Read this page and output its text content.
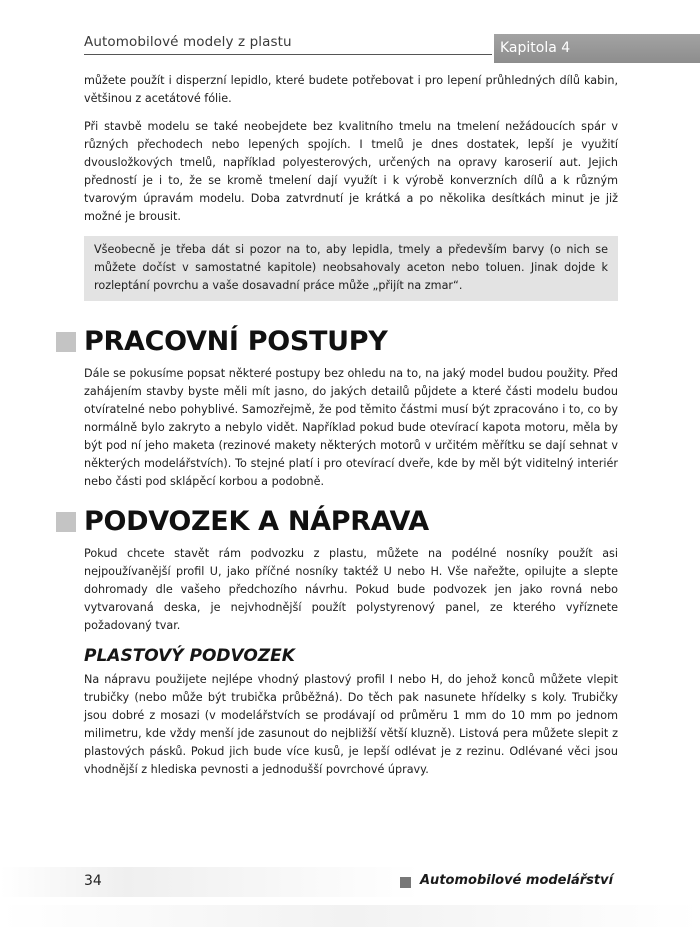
Automobilové modely z plastu	Kapitola 4

můžete použít i disperzní lepidlo, které budete potřebovat i pro lepení průhledných dílů kabin, většinou z acetátové fólie.

Při stavbě modelu se také neobejdete bez kvalitního tmelu na tmelení nežádoucích spár v různých přechodech nebo lepených spojích. I tmelů je dnes dostatek, lepší je využití dvousložkových tmelů, například polyesterových, určených na opravy karoserií aut. Jejich předností je i to, že se kromě tmelení dají využít i k výrobě konverzních dílů a k různým tvarovým úpravám modelu. Doba zatvrdnutí je krátká a po několika desítkách minut je již možné je brousit.

Všeobecně je třeba dát si pozor na to, aby lepidla, tmely a především barvy (o nich se můžete dočíst v samostatné kapitole) neobsahovaly aceton nebo toluen. Jinak dojde k rozleptání povrchu a vaše dosavadní práce může „přijít na zmar“.

PRACOVNÍ POSTUPY

Dále se pokusíme popsat některé postupy bez ohledu na to, na jaký model budou použity. Před zahájením stavby byste měli mít jasno, do jakých detailů půjdete a které části modelu budou otvíratelné nebo pohyblivé. Samozřejmě, že pod těmito částmi musí být zpracováno i to, co by normálně bylo zakryto a nebylo vidět. Například pokud bude otevírací kapota motoru, měla by být pod ní jeho maketa (rezinové makety některých motorů v určitém měřítku se dají sehnat v některých modelářstvích). To stejné platí i pro otevírací dveře, kde by měl být viditelný interiér nebo části pod sklápěcí korbou a podobně.

PODVOZEK A NÁPRAVA

Pokud chcete stavět rám podvozku z plastu, můžete na podélné nosníky použít asi nejpoužívanější profil U, jako příčné nosníky taktéž U nebo H. Vše nařežte, opilujte a slepte dohromady dle vašeho předchozího návrhu. Pokud bude podvozek jen jako rovná nebo vytvarovaná deska, je nejvhodnější použít polystyrenový panel, ze kterého vyříznete požadovaný tvar.

PLASTOVÝ PODVOZEK

Na nápravu použijete nejlépe vhodný plastový profil I nebo H, do jehož konců můžete vlepit trubičky (nebo může být trubička průběžná). Do těch pak nasunete hřídelky s koly. Trubičky jsou dobré z mosazi (v modelářstvích se prodávají od průměru 1 mm do 10 mm po jednom milimetru, kde vždy menší jde zasunout do nejbližší větší kluzně). Listová pera můžete slepit z plastových pásků. Pokud jich bude více kusů, je lepší odlévat je z rezinu. Odlévané věci jsou vhodnější z hlediska pevnosti a jednodušší povrchové úpravy.

34	Automobilové modelářství
